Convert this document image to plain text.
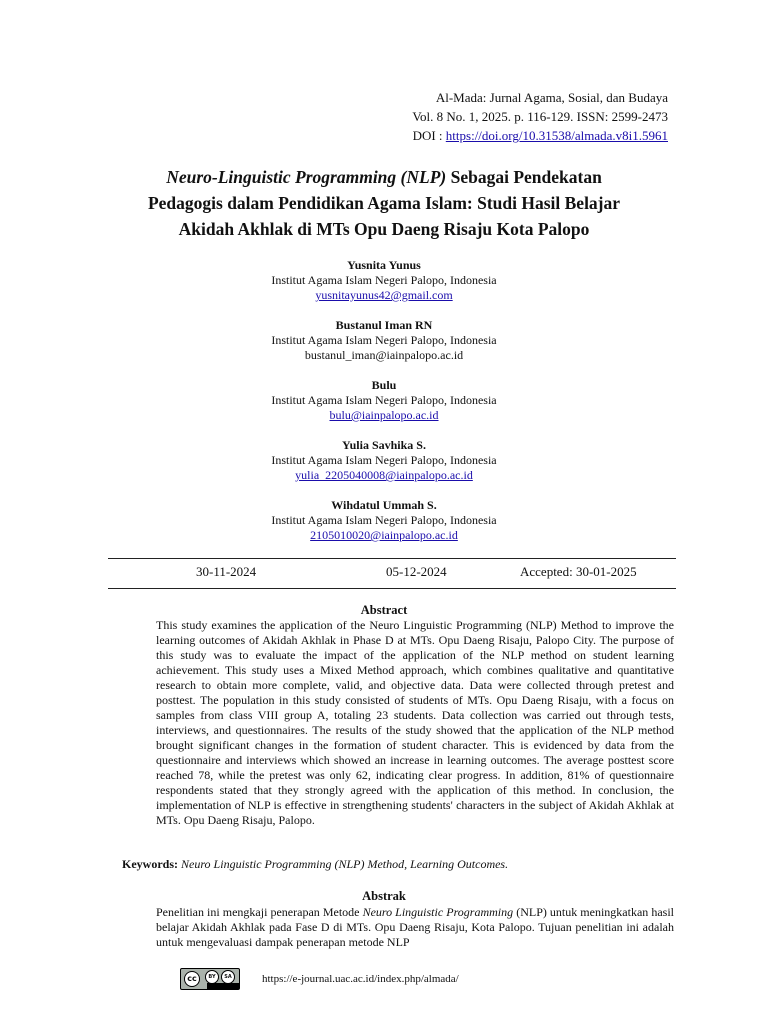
Al-Mada: Jurnal Agama, Sosial, dan Budaya
Vol. 8 No. 1, 2025. p. 116-129. ISSN: 2599-2473
DOI : https://doi.org/10.31538/almada.v8i1.5961
Neuro-Linguistic Programming (NLP) Sebagai Pendekatan
Pedagogis dalam Pendidikan Agama Islam: Studi Hasil Belajar
Akidah Akhlak di MTs Opu Daeng Risaju Kota Palopo
Yusnita Yunus
Institut Agama Islam Negeri Palopo, Indonesia
yusnitayunus42@gmail.com
Bustanul Iman RN
Institut Agama Islam Negeri Palopo, Indonesia
bustanul_iman@iainpalopo.ac.id
Bulu
Institut Agama Islam Negeri Palopo, Indonesia
bulu@iainpalopo.ac.id
Yulia Savhika S.
Institut Agama Islam Negeri Palopo, Indonesia
yulia_2205040008@iainpalopo.ac.id
Wihdatul Ummah S.
Institut Agama Islam Negeri Palopo, Indonesia
2105010020@iainpalopo.ac.id
30-11-2024	05-12-2024	Accepted: 30-01-2025
Abstract
This study examines the application of the Neuro Linguistic Programming (NLP) Method to improve the learning outcomes of Akidah Akhlak in Phase D at MTs. Opu Daeng Risaju, Palopo City. The purpose of this study was to evaluate the impact of the application of the NLP method on student learning achievement. This study uses a Mixed Method approach, which combines qualitative and quantitative research to obtain more complete, valid, and objective data. Data were collected through pretest and posttest. The population in this study consisted of students of MTs. Opu Daeng Risaju, with a focus on samples from class VIII group A, totaling 23 students. Data collection was carried out through tests, interviews, and questionnaires. The results of the study showed that the application of the NLP method brought significant changes in the formation of student character. This is evidenced by data from the questionnaire and interviews which showed an increase in learning outcomes. The average posttest score reached 78, while the pretest was only 62, indicating clear progress. In addition, 81% of questionnaire respondents stated that they strongly agreed with the application of this method. In conclusion, the implementation of NLP is effective in strengthening students' characters in the subject of Akidah Akhlak at MTs. Opu Daeng Risaju, Palopo.
Keywords: Neuro Linguistic Programming (NLP) Method, Learning Outcomes.
Abstrak
Penelitian ini mengkaji penerapan Metode Neuro Linguistic Programming (NLP) untuk meningkatkan hasil belajar Akidah Akhlak pada Fase D di MTs. Opu Daeng Risaju, Kota Palopo. Tujuan penelitian ini adalah untuk mengevaluasi dampak penerapan metode NLP
cc	BY	SA	https://e-journal.uac.ac.id/index.php/almada/
